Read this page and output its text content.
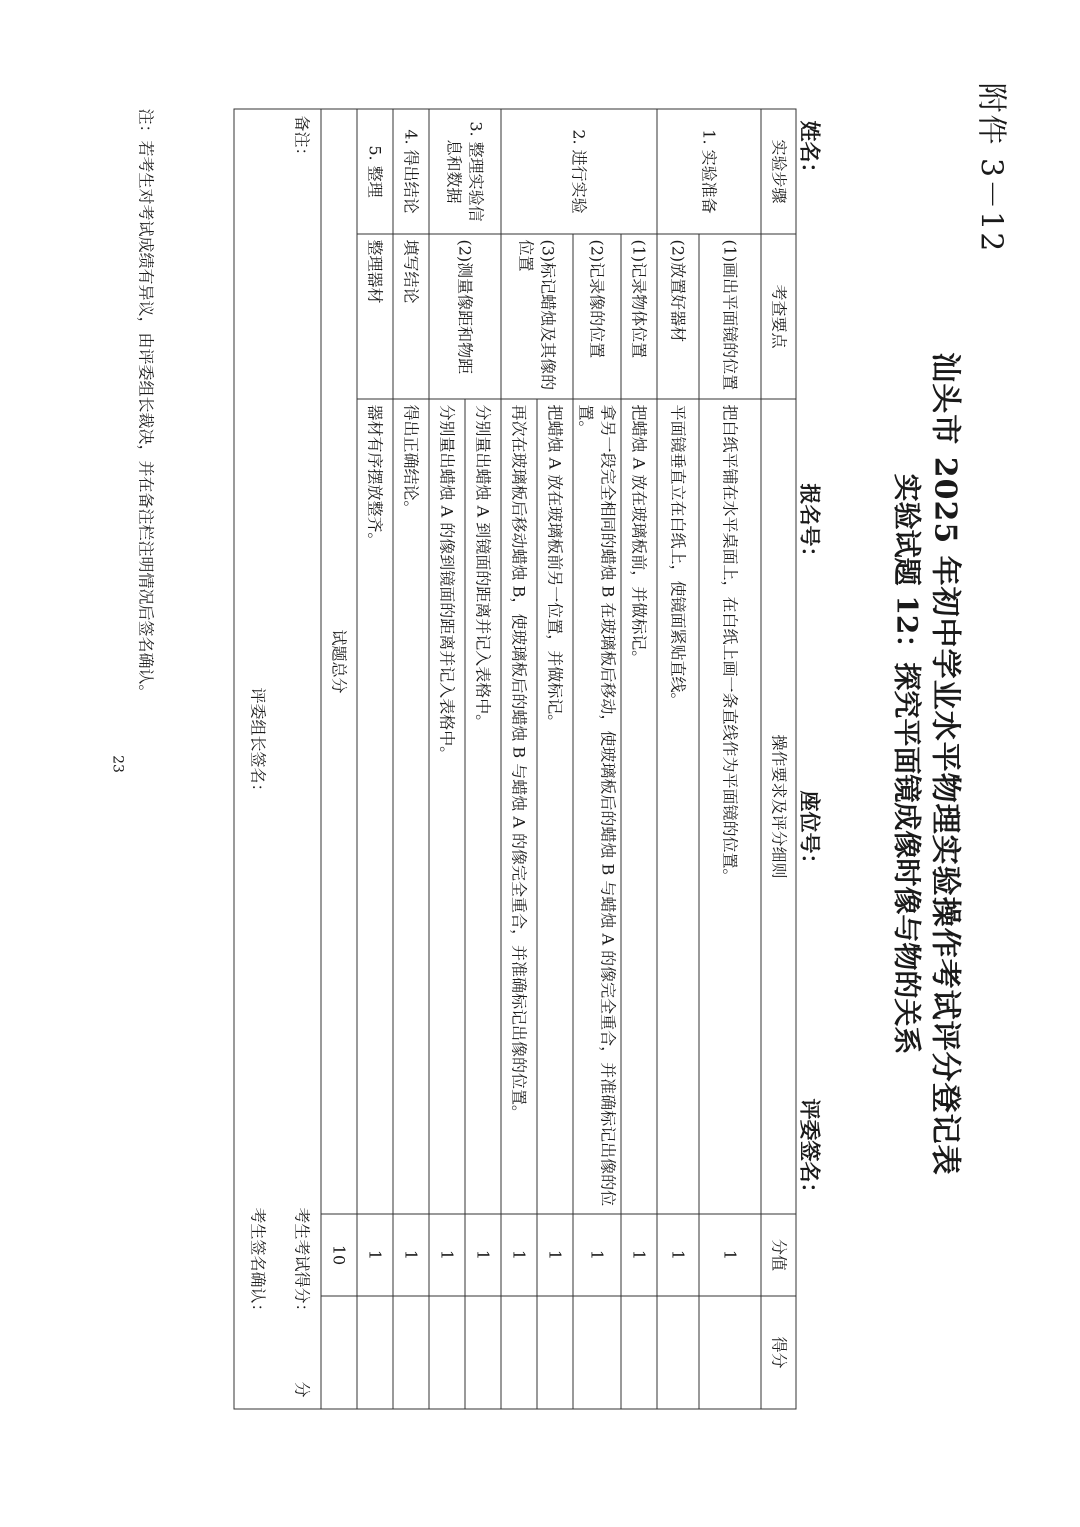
附件 3－12
汕头市 2025 年初中学业水平物理实验操作考试评分登记表
实验试题 12：探究平面镜成像时像与物的关系
姓名：
报名号：
座位号：
评委签名：
实验步骤	考查要点	操作要求及评分细则	分值	得分
1. 实验准备	(1)画出平面镜的位置	把白纸平铺在水平桌面上，在白纸上画一条直线作为平面镜的位置。	1	
	(2)放置好器材	平面镜垂直立在白纸上，使镜面紧贴直线。	1	
2. 进行实验	(1)记录物体位置	把蜡烛 A 放在玻璃板前，并做标记。	1	
	(2)记录像的位置	拿另一段完全相同的蜡烛 B 在玻璃板后移动，使玻璃板后的蜡烛 B 与蜡烛 A 的像完全重合，并准确标记出像的位置。	1	
	(3)标记蜡烛及其像的位置	把蜡烛 A 放在玻璃板前另一位置，并做标记。	1	
		再次在玻璃板后移动蜡烛 B，使玻璃板后的蜡烛 B 与蜡烛 A 的像完全重合，并准确标记出像的位置。	1	
3. 整理实验信息和数据	(2)测量像距和物距	分别量出蜡烛 A 到镜面的距离并记入表格中。	1	
		分别量出蜡烛 A 的像到镜面的距离并记入表格中。	1	
4. 得出结论	填写结论	得出正确结论。	1	
5. 整理	整理器材	器材有序摆放整齐。	1	
试题总分			10	

备注：
考生考试得分：
分
评委组长签名：
考生签名确认：				
注：若考生对考试成绩有异议，由评委组长裁决，并在备注栏注明情况后签名确认。
23
